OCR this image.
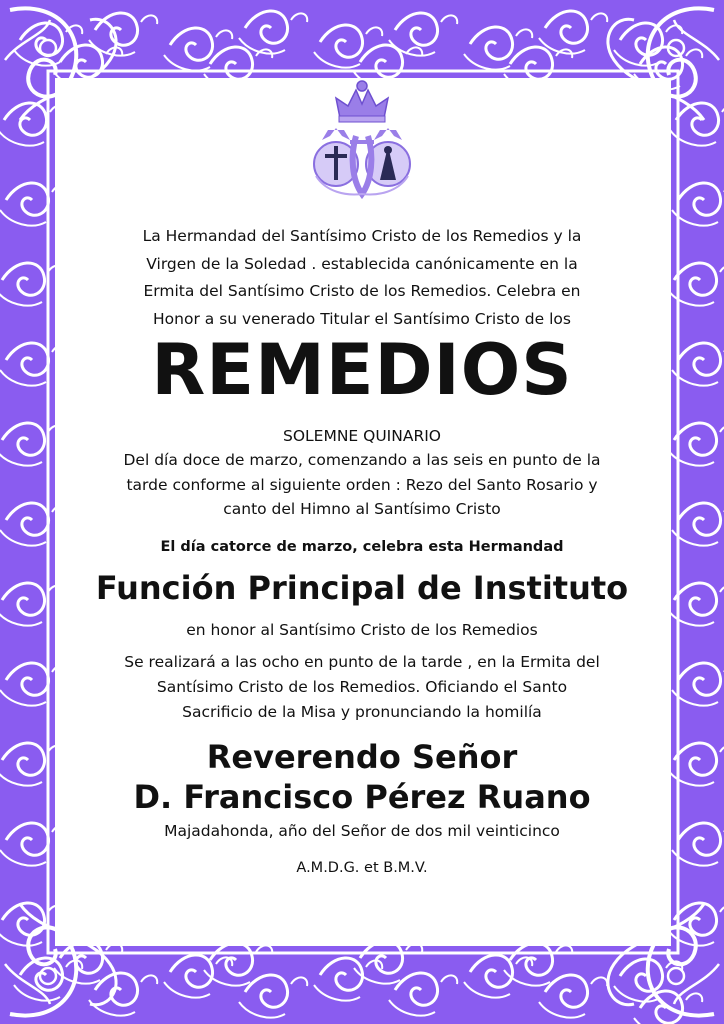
La Hermandad del Santísimo Cristo de los Remedios y la
Virgen de la Soledad . establecida canónicamente en la
Ermita del Santísimo Cristo de los Remedios. Celebra en
Honor a su venerado Titular el Santísimo Cristo de los
REMEDIOS
SOLEMNE QUINARIO
Del día doce de marzo, comenzando a las seis en punto de la
tarde conforme al siguiente orden : Rezo del Santo Rosario y
canto del Himno al Santísimo Cristo
El día catorce de marzo, celebra esta Hermandad
Función Principal de Instituto
en honor al Santísimo Cristo de los Remedios
Se realizará a las ocho en punto de la tarde , en la Ermita del
Santísimo Cristo de los Remedios. Oficiando el Santo
Sacrificio de la Misa y pronunciando la homilía
Reverendo Señor
D. Francisco Pérez Ruano
Majadahonda, año del Señor de dos mil veinticinco
A.M.D.G. et B.M.V.
